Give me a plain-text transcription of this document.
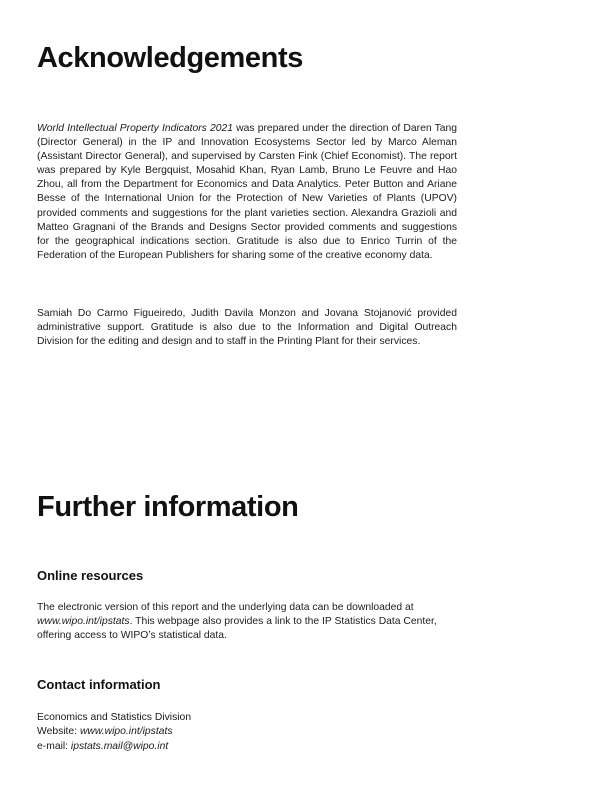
Acknowledgements

World Intellectual Property Indicators 2021 was prepared under the direction of Daren Tang (Director General) in the IP and Innovation Ecosystems Sector led by Marco Aleman (Assistant Director General), and supervised by Carsten Fink (Chief Economist). The report was prepared by Kyle Bergquist, Mosahid Khan, Ryan Lamb, Bruno Le Feuvre and Hao Zhou, all from the Department for Economics and Data Analytics. Peter Button and Ariane Besse of the International Union for the Protection of New Varieties of Plants (UPOV) provided comments and suggestions for the plant varieties section. Alexandra Grazioli and Matteo Gragnani of the Brands and Designs Sector provided comments and suggestions for the geographical indications section. Gratitude is also due to Enrico Turrin of the Federation of the European Publishers for sharing some of the creative economy data.

Samiah Do Carmo Figueiredo, Judith Davila Monzon and Jovana Stojanović provided administrative support. Gratitude is also due to the Information and Digital Outreach Division for the editing and design and to staff in the Printing Plant for their services.

Further information
Online resources

The electronic version of this report and the underlying data can be downloaded at www.wipo.int/ipstats. This webpage also provides a link to the IP Statistics Data Center, offering access to WIPO’s statistical data.

Contact information
Economics and Statistics Division
Website: www.wipo.int/ipstats
e-mail: ipstats.mail@wipo.int
